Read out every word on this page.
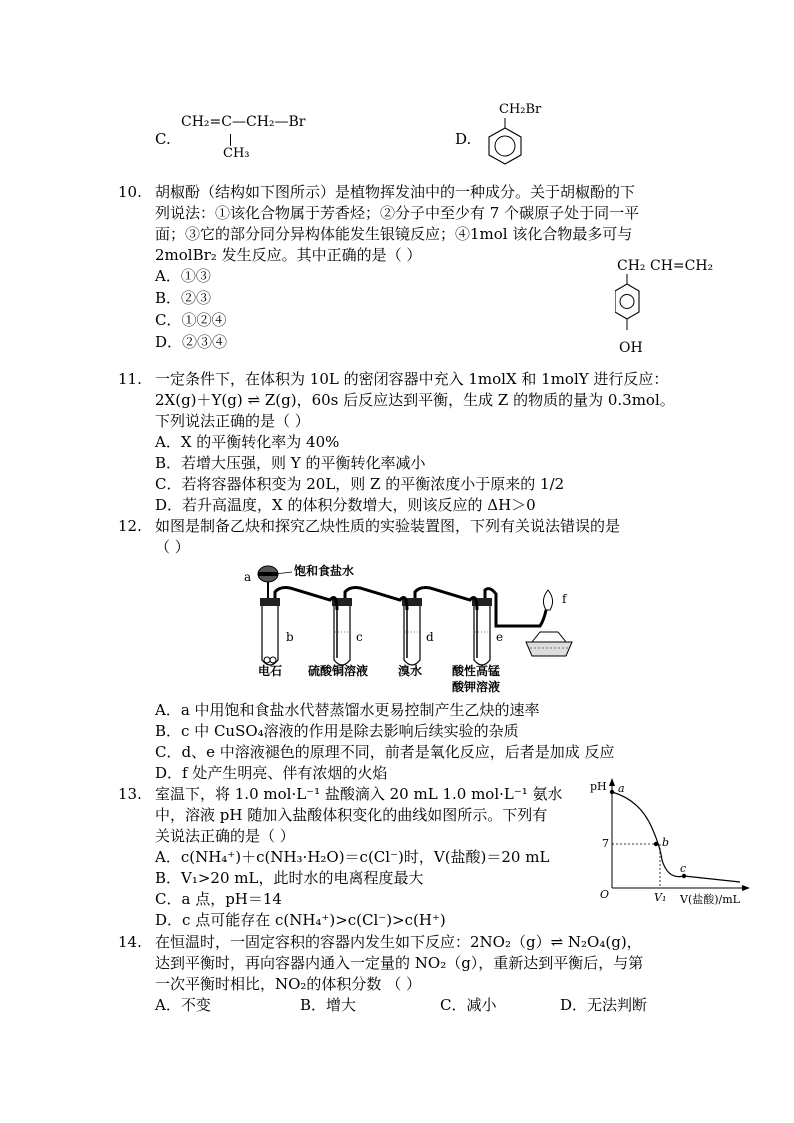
C.
CH₂=C—CH₂—Br
CH₃
D.
CH₂Br
10. 胡椒酚（结构如下图所示）是植物挥发油中的一种成分。关于胡椒酚的下
列说法：①该化合物属于芳香烃；②分子中至少有 7 个碳原子处于同一平
面；③它的部分同分异构体能发生银镜反应；④1mol 该化合物最多可与
2molBr₂ 发生反应。其中正确的是（ ）
A．①③
B．②③
C．①②④
D．②③④
CH₂ CH=CH₂
OH
11. 一定条件下，在体积为 10L 的密闭容器中充入 1molX 和 1molY 进行反应：
2X(g)＋Y(g) ⇌ Z(g)，60s 后反应达到平衡，生成 Z 的物质的量为 0.3mol。
下列说法正确的是（ ）
A．X 的平衡转化率为 40%
B．若增大压强，则 Y 的平衡转化率减小
C．若将容器体积变为 20L，则 Z 的平衡浓度小于原来的 1/2
D．若升高温度，X 的体积分数增大，则该反应的 ΔH＞0
12. 如图是制备乙炔和探究乙炔性质的实验装置图，下列有关说法错误的是
（ ）
a	饱和食盐水
b	c	d	e
f
电石 硫酸铜溶液 溴水 酸性高锰
酸钾溶液
A．a 中用饱和食盐水代替蒸馏水更易控制产生乙炔的速率
B．c 中 CuSO₄溶液的作用是除去影响后续实验的杂质
C．d、e 中溶液褪色的原理不同，前者是氧化反应，后者是加成 反应
D．f 处产生明亮、伴有浓烟的火焰
13. 室温下，将 1.0 mol·L⁻¹ 盐酸滴入 20 mL 1.0 mol·L⁻¹ 氨水
中，溶液 pH 随加入盐酸体积变化的曲线如图所示。下列有
关说法正确的是（ ）
A．c(NH₄⁺)＋c(NH₃·H₂O)＝c(Cl⁻)时，V(盐酸)＝20 mL
B．V₁>20 mL，此时水的电离程度最大
C．a 点，pH＝14
D．c 点可能存在 c(NH₄⁺)>c(Cl⁻)>c(H⁺)
pH
O
7
V₁ V(盐酸)/mL
a
b
c
14. 在恒温时，一固定容积的容器内发生如下反应：2NO₂（g）⇌ N₂O₄(g)，
达到平衡时，再向容器内通入一定量的 NO₂（g），重新达到平衡后，与第
一次平衡时相比，NO₂的体积分数 （ ）
A．不变	B．增大	C．减小	D．无法判断
